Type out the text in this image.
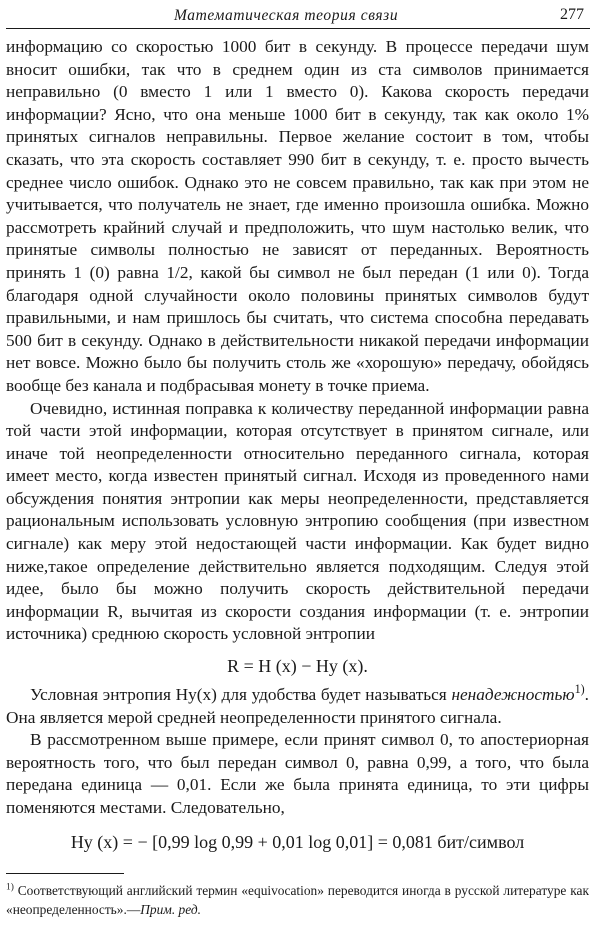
Математическая теория связи	277

информацию со скоростью 1000 бит в секунду. В процессе передачи шум вносит ошибки, так что в среднем один из ста символов принимается неправильно (0 вместо 1 или 1 вместо 0). Какова скорость передачи информации? Ясно, что она меньше 1000 бит в секунду, так как около 1% принятых сигналов неправильны. Первое желание состоит в том, чтобы сказать, что эта скорость составляет 990 бит в секунду, т. е. просто вычесть среднее число ошибок. Однако это не совсем правильно, так как при этом не учитывается, что получатель не знает, где именно произошла ошибка. Можно рассмотреть крайний случай и предположить, что шум настолько велик, что принятые символы полностью не зависят от переданных. Вероятность принять 1 (0) равна 1/2, какой бы символ не был передан (1 или 0). Тогда благодаря одной случайности около половины принятых символов будут правильными, и нам пришлось бы считать, что система способна передавать 500 бит в секунду. Однако в действительности никакой передачи информации нет вовсе. Можно было бы получить столь же «хорошую» передачу, обойдясь вообще без канала и подбрасывая монету в точке приема.

Очевидно, истинная поправка к количеству переданной информации равна той части этой информации, которая отсутствует в принятом сигнале, или иначе той неопределенности относительно переданного сигнала, которая имеет место, когда известен принятый сигнал. Исходя из проведенного нами обсуждения понятия энтропии как меры неопределенности, представляется рациональным использовать условную энтропию сообщения (при известном сигнале) как меру этой недостающей части информации. Как будет видно ниже,такое определение действительно является подходящим. Следуя этой идее, было бы можно получить скорость действительной передачи информации R, вычитая из скорости создания информации (т. е. энтропии источника) среднюю скорость условной энтропии

R = H (x) − Hy (x).

Условная энтропия Hy(x) для удобства будет называться ненадежностью$^{1)}$. Она является мерой средней неопределенности принятого сигнала.

В рассмотренном выше примере, если принят символ 0, то апостериорная вероятность того, что был передан символ 0, равна 0,99, а того, что была передана единица — 0,01. Если же была принята единица, то эти цифры поменяются местами. Следовательно,

Hy (x) = − [0,99 log 0,99 + 0,01 log 0,01] = 0,081 бит/символ
$^{1)}$ Соответствующий английский термин «equivocation» переводится иногда в русской литературе как «неопределенность».—Прим. ред.
